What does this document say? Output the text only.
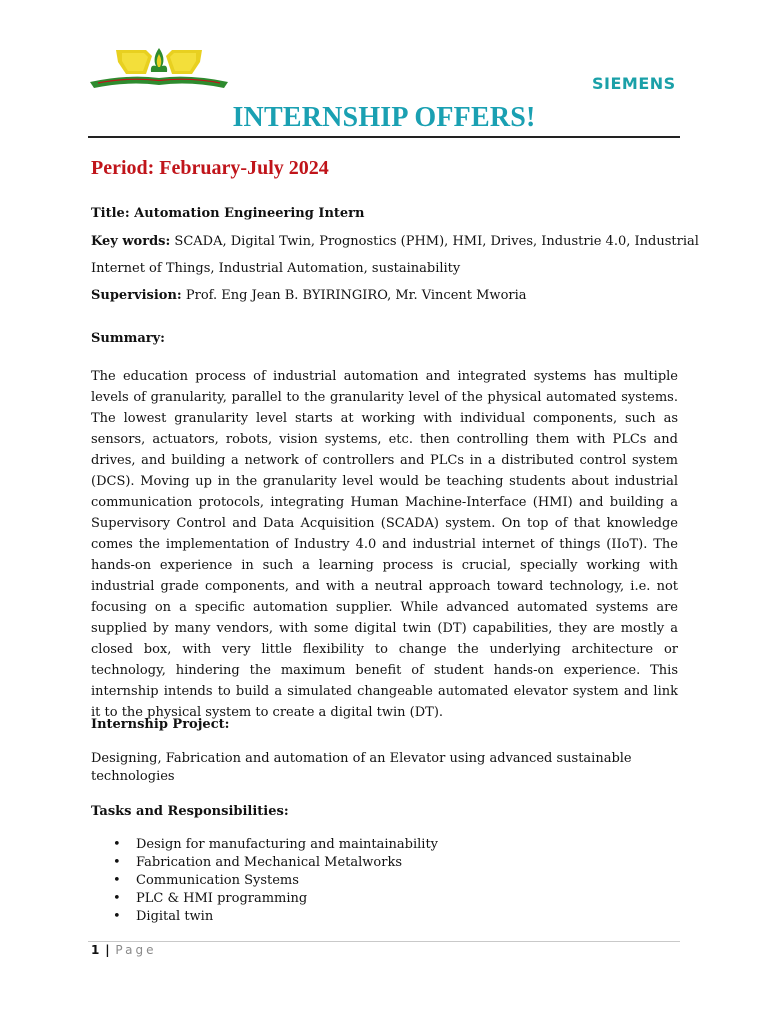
SIEMENS
INTERNSHIP OFFERS!
Period: February-July 2024
Title: Automation Engineering Intern
Key words: SCADA, Digital Twin, Prognostics (PHM), HMI, Drives, Industrie 4.0, Industrial
Internet of Things, Industrial Automation, sustainability
Supervision: Prof. Eng Jean B. BYIRINGIRO, Mr. Vincent Mworia
Summary:
The education process of industrial automation and integrated systems has multiple levels of granularity, parallel to the granularity level of the physical automated systems. The lowest granularity level starts at working with individual components, such as sensors, actuators, robots, vision systems, etc. then controlling them with PLCs and drives, and building a network of controllers and PLCs in a distributed control system (DCS). Moving up in the granularity level would be teaching students about industrial communication protocols, integrating Human Machine-Interface (HMI) and building a Supervisory Control and Data Acquisition (SCADA) system. On top of that knowledge comes the implementation of Industry 4.0 and industrial internet of things (IIoT). The hands-on experience in such a learning process is crucial, specially working with industrial grade components, and with a neutral approach toward technology, i.e. not focusing on a specific automation supplier. While advanced automated systems are supplied by many vendors, with some digital twin (DT) capabilities, they are mostly a closed box, with very little flexibility to change the underlying architecture or technology, hindering the maximum benefit of student hands-on experience. This internship intends to build a simulated changeable automated elevator system and link it to the physical system to create a digital twin (DT).
Internship Project:
Designing, Fabrication and automation of an Elevator using advanced sustainable technologies
Tasks and Responsibilities:
• Design for manufacturing and maintainability
• Fabrication and Mechanical Metalworks
• Communication Systems
• PLC & HMI programming
• Digital twin
1 | Page
